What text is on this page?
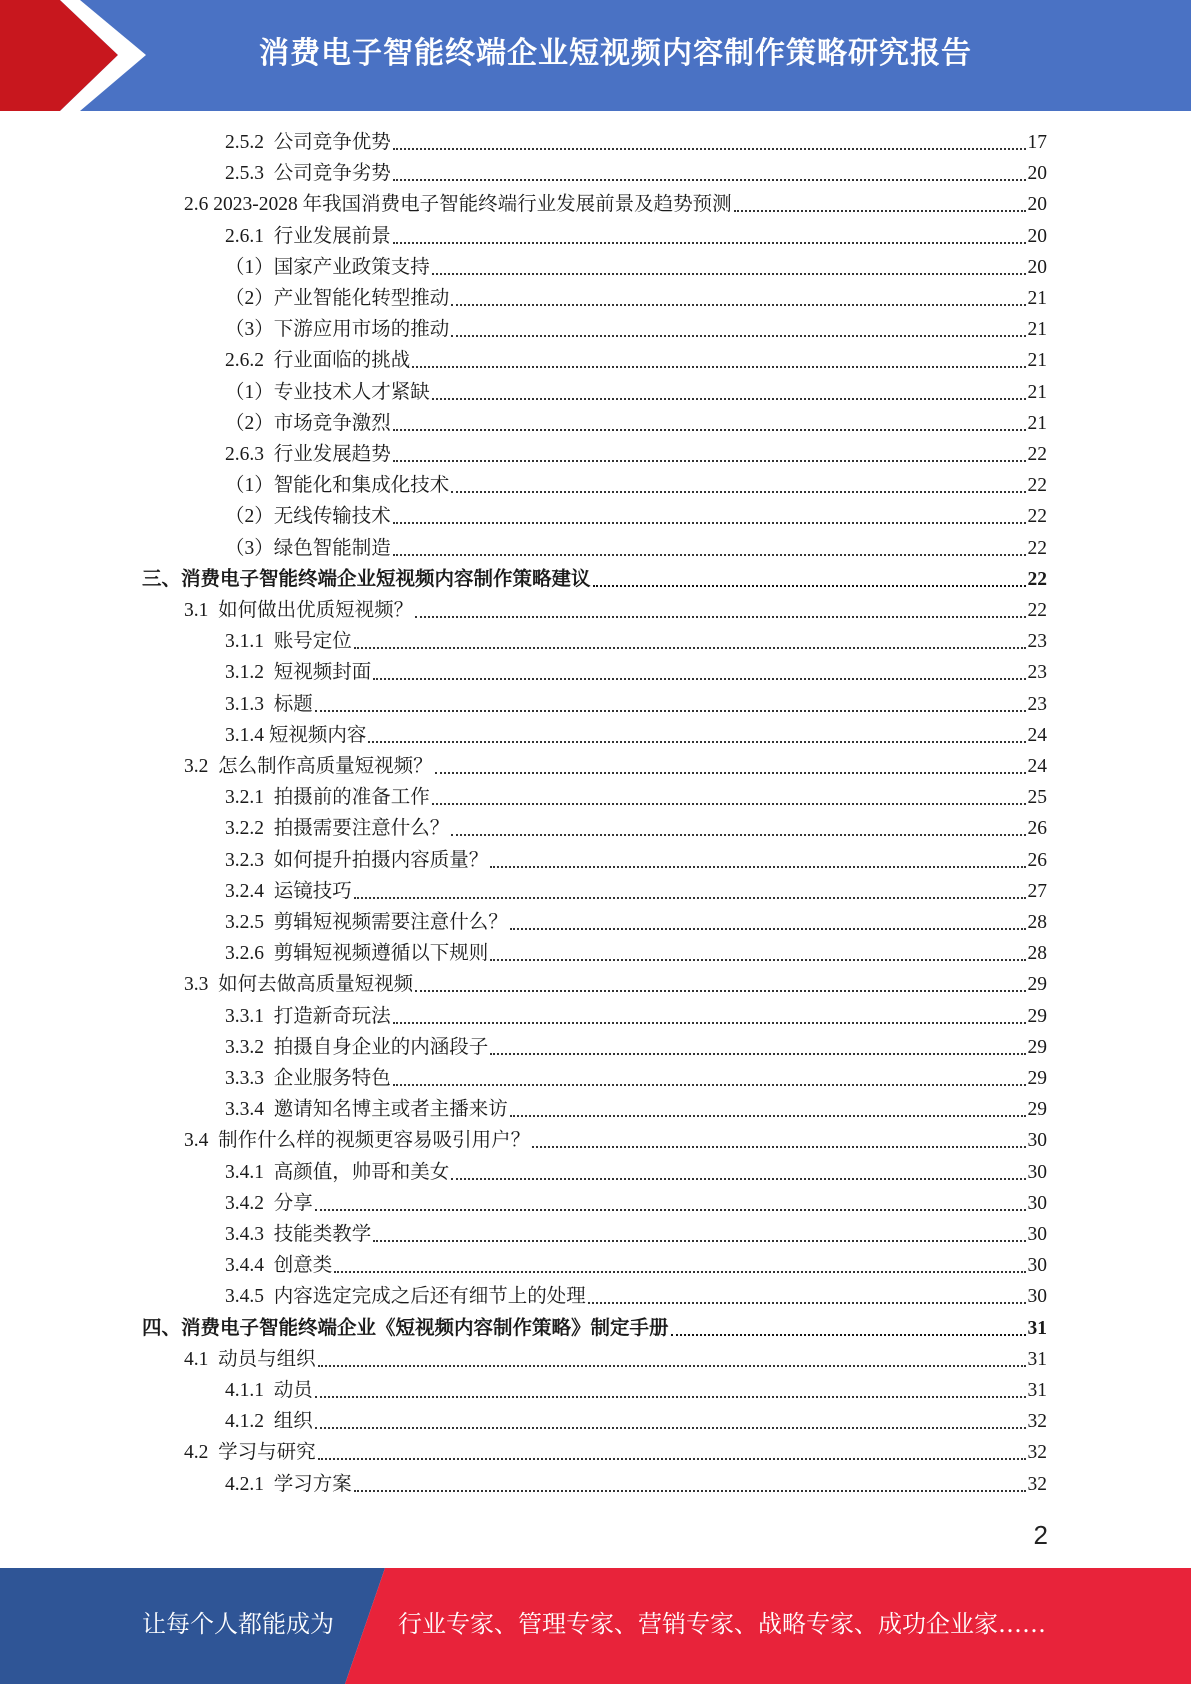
消费电子智能终端企业短视频内容制作策略研究报告
2.5.2  公司竞争优势	17
2.5.3  公司竞争劣势	20
2.6 2023-2028 年我国消费电子智能终端行业发展前景及趋势预测	20
2.6.1  行业发展前景	20
（1）国家产业政策支持	20
（2）产业智能化转型推动	21
（3）下游应用市场的推动	21
2.6.2  行业面临的挑战	21
（1）专业技术人才紧缺	21
（2）市场竞争激烈	21
2.6.3  行业发展趋势	22
（1）智能化和集成化技术	22
（2）无线传输技术	22
（3）绿色智能制造	22
三、消费电子智能终端企业短视频内容制作策略建议	22
3.1  如何做出优质短视频？	22
3.1.1  账号定位	23
3.1.2  短视频封面	23
3.1.3  标题	23
3.1.4 短视频内容	24
3.2  怎么制作高质量短视频？	24
3.2.1  拍摄前的准备工作	25
3.2.2  拍摄需要注意什么？	26
3.2.3  如何提升拍摄内容质量？	26
3.2.4  运镜技巧	27
3.2.5  剪辑短视频需要注意什么？	28
3.2.6  剪辑短视频遵循以下规则	28
3.3  如何去做高质量短视频	29
3.3.1  打造新奇玩法	29
3.3.2  拍摄自身企业的内涵段子	29
3.3.3  企业服务特色	29
3.3.4  邀请知名博主或者主播来访	29
3.4  制作什么样的视频更容易吸引用户？	30
3.4.1  高颜值，帅哥和美女	30
3.4.2  分享	30
3.4.3  技能类教学	30
3.4.4  创意类	30
3.4.5  内容选定完成之后还有细节上的处理	30
四、消费电子智能终端企业《短视频内容制作策略》制定手册	31
4.1  动员与组织	31
4.1.1  动员	31
4.1.2  组织	32
4.2  学习与研究	32
4.2.1  学习方案	32
2
让每个人都能成为	行业专家、管理专家、营销专家、战略专家、成功企业家……
